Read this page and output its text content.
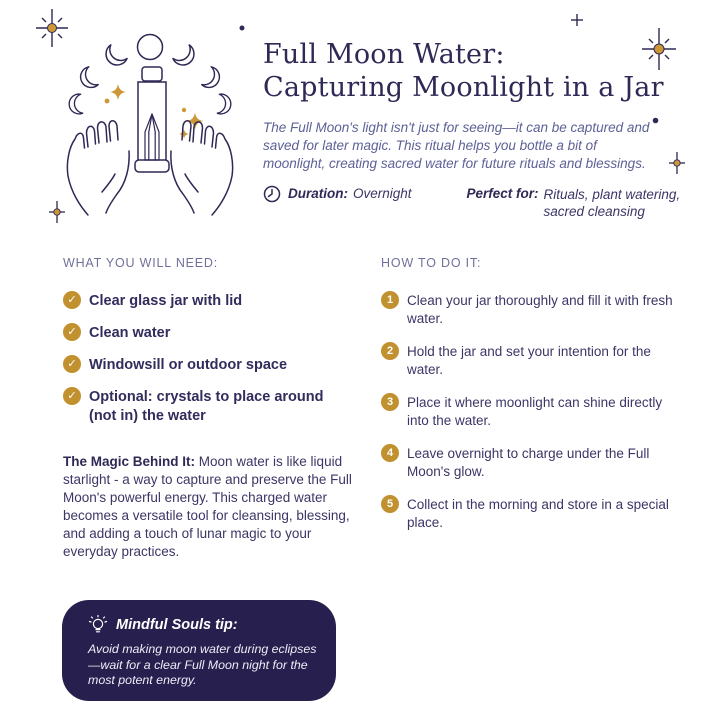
Full Moon Water:
Capturing Moonlight in a Jar
The Full Moon's light isn't just for seeing—it can be captured and saved for later magic. This ritual helps you bottle a bit of moonlight, creating sacred water for future rituals and blessings.
Duration: Overnight	Perfect for: Rituals, plant watering, sacred cleansing
WHAT YOU WILL NEED:
✓ Clear glass jar with lid
✓ Clean water
✓ Windowsill or outdoor space
✓ Optional: crystals to place around (not in) the water
The Magic Behind It: Moon water is like liquid starlight - a way to capture and preserve the Full Moon's powerful energy. This charged water becomes a versatile tool for cleansing, blessing, and adding a touch of lunar magic to your everyday practices.
HOW TO DO IT:
1	Clean your jar thoroughly and fill it with fresh water.
2	Hold the jar and set your intention for the water.
3	Place it where moonlight can shine directly into the water.
4	Leave overnight to charge under the Full Moon's glow.
5	Collect in the morning and store in a special place.
Mindful Souls tip:
Avoid making moon water during eclipses—wait for a clear Full Moon night for the most potent energy.
